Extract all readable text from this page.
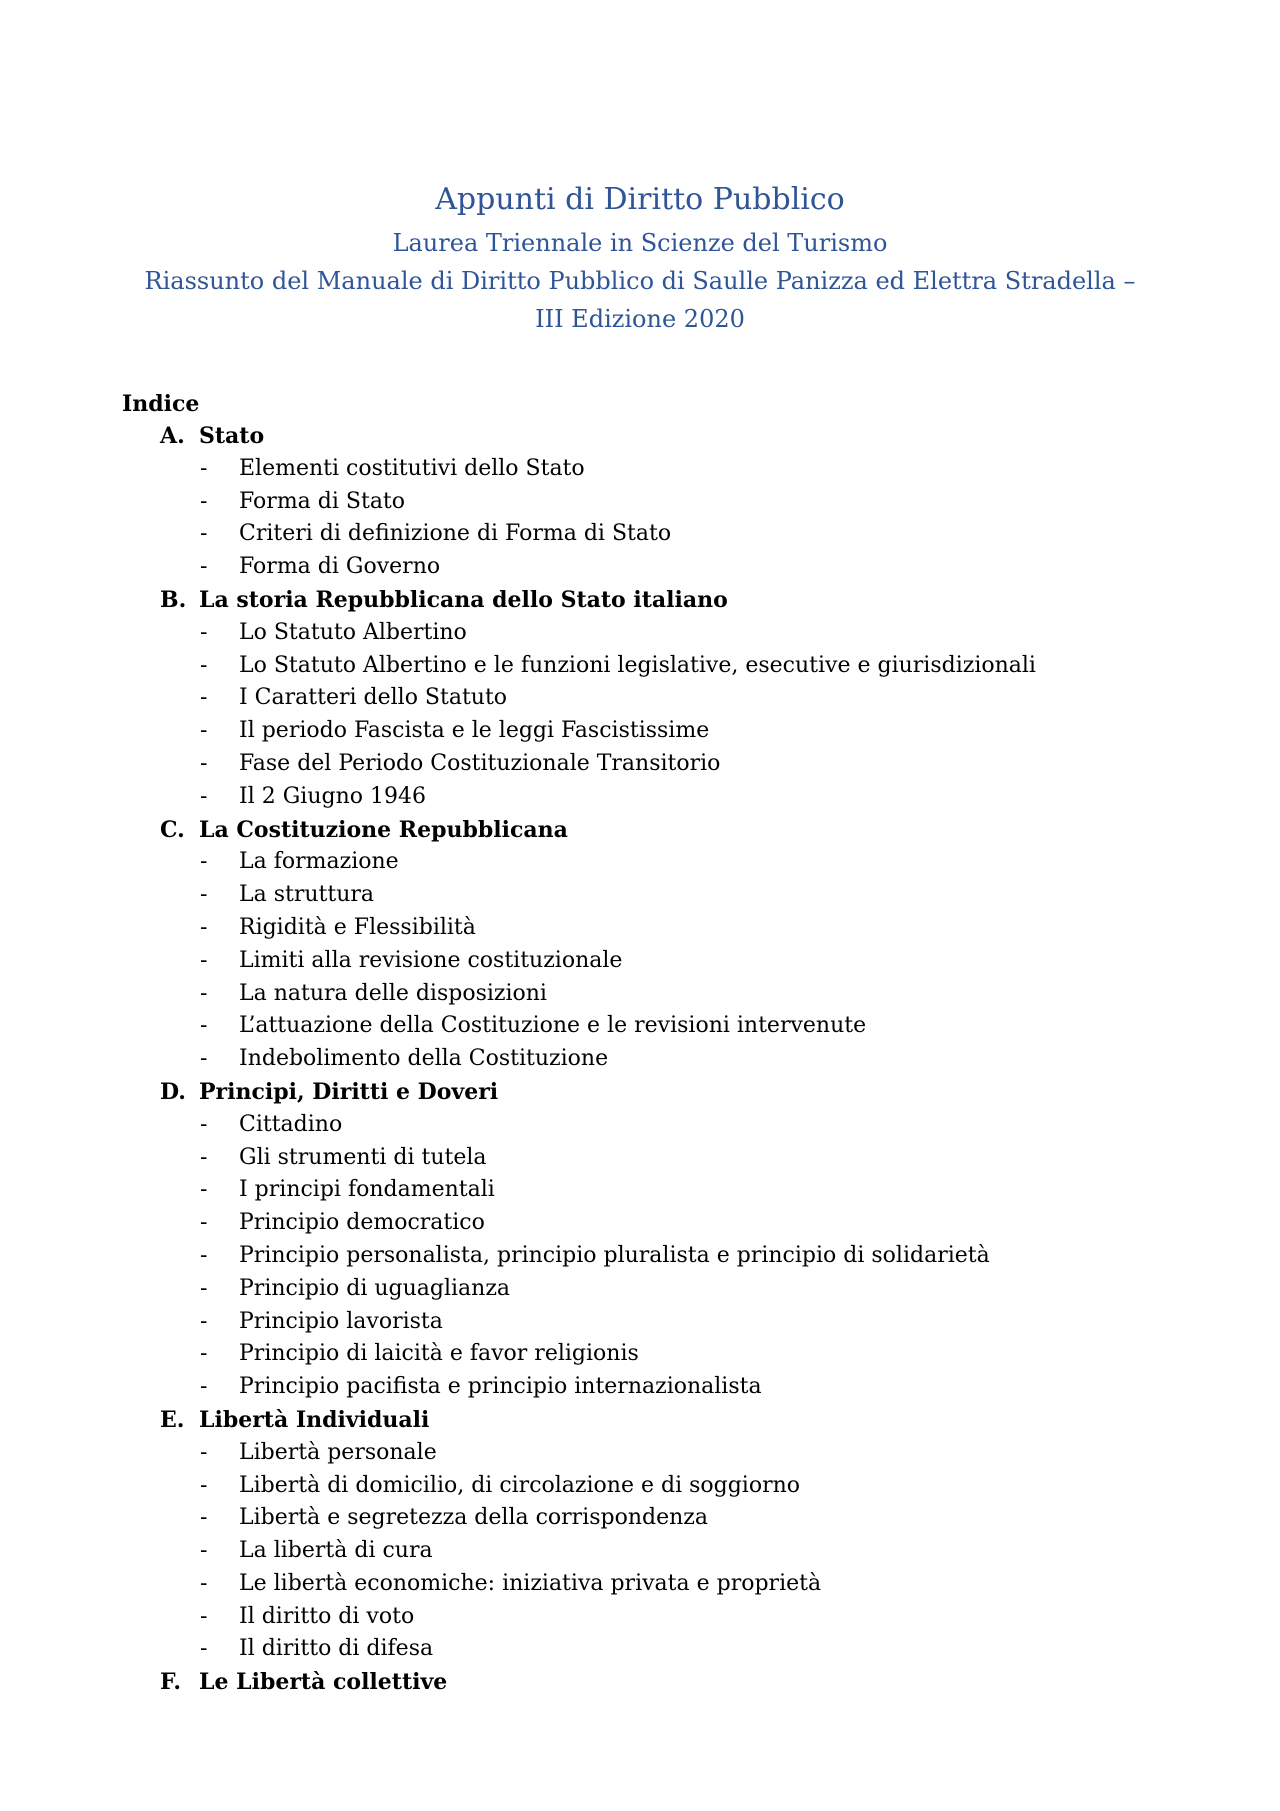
Appunti di Diritto Pubblico

Laurea Triennale in Scienze del Turismo

Riassunto del Manuale di Diritto Pubblico di Saulle Panizza ed Elettra Stradella – III Edizione 2020

Indice

A. Stato
-	Elementi costitutivi dello Stato
-	Forma di Stato
-	Criteri di definizione di Forma di Stato
-	Forma di Governo
B. La storia Repubblicana dello Stato italiano
-	Lo Statuto Albertino
-	Lo Statuto Albertino e le funzioni legislative, esecutive e giurisdizionali
-	I Caratteri dello Statuto
-	Il periodo Fascista e le leggi Fascistissime
-	Fase del Periodo Costituzionale Transitorio
-	Il 2 Giugno 1946
C. La Costituzione Repubblicana
-	La formazione
-	La struttura
-	Rigidità e Flessibilità
-	Limiti alla revisione costituzionale
-	La natura delle disposizioni
-	L’attuazione della Costituzione e le revisioni intervenute
-	Indebolimento della Costituzione
D. Principi, Diritti e Doveri
-	Cittadino
-	Gli strumenti di tutela
-	I principi fondamentali
-	Principio democratico
-	Principio personalista, principio pluralista e principio di solidarietà
-	Principio di uguaglianza
-	Principio lavorista
-	Principio di laicità e favor religionis
-	Principio pacifista e principio internazionalista
E. Libertà Individuali
-	Libertà personale
-	Libertà di domicilio, di circolazione e di soggiorno
-	Libertà e segretezza della corrispondenza
-	La libertà di cura
-	Le libertà economiche: iniziativa privata e proprietà
-	Il diritto di voto
-	Il diritto di difesa
F. Le Libertà collettive
